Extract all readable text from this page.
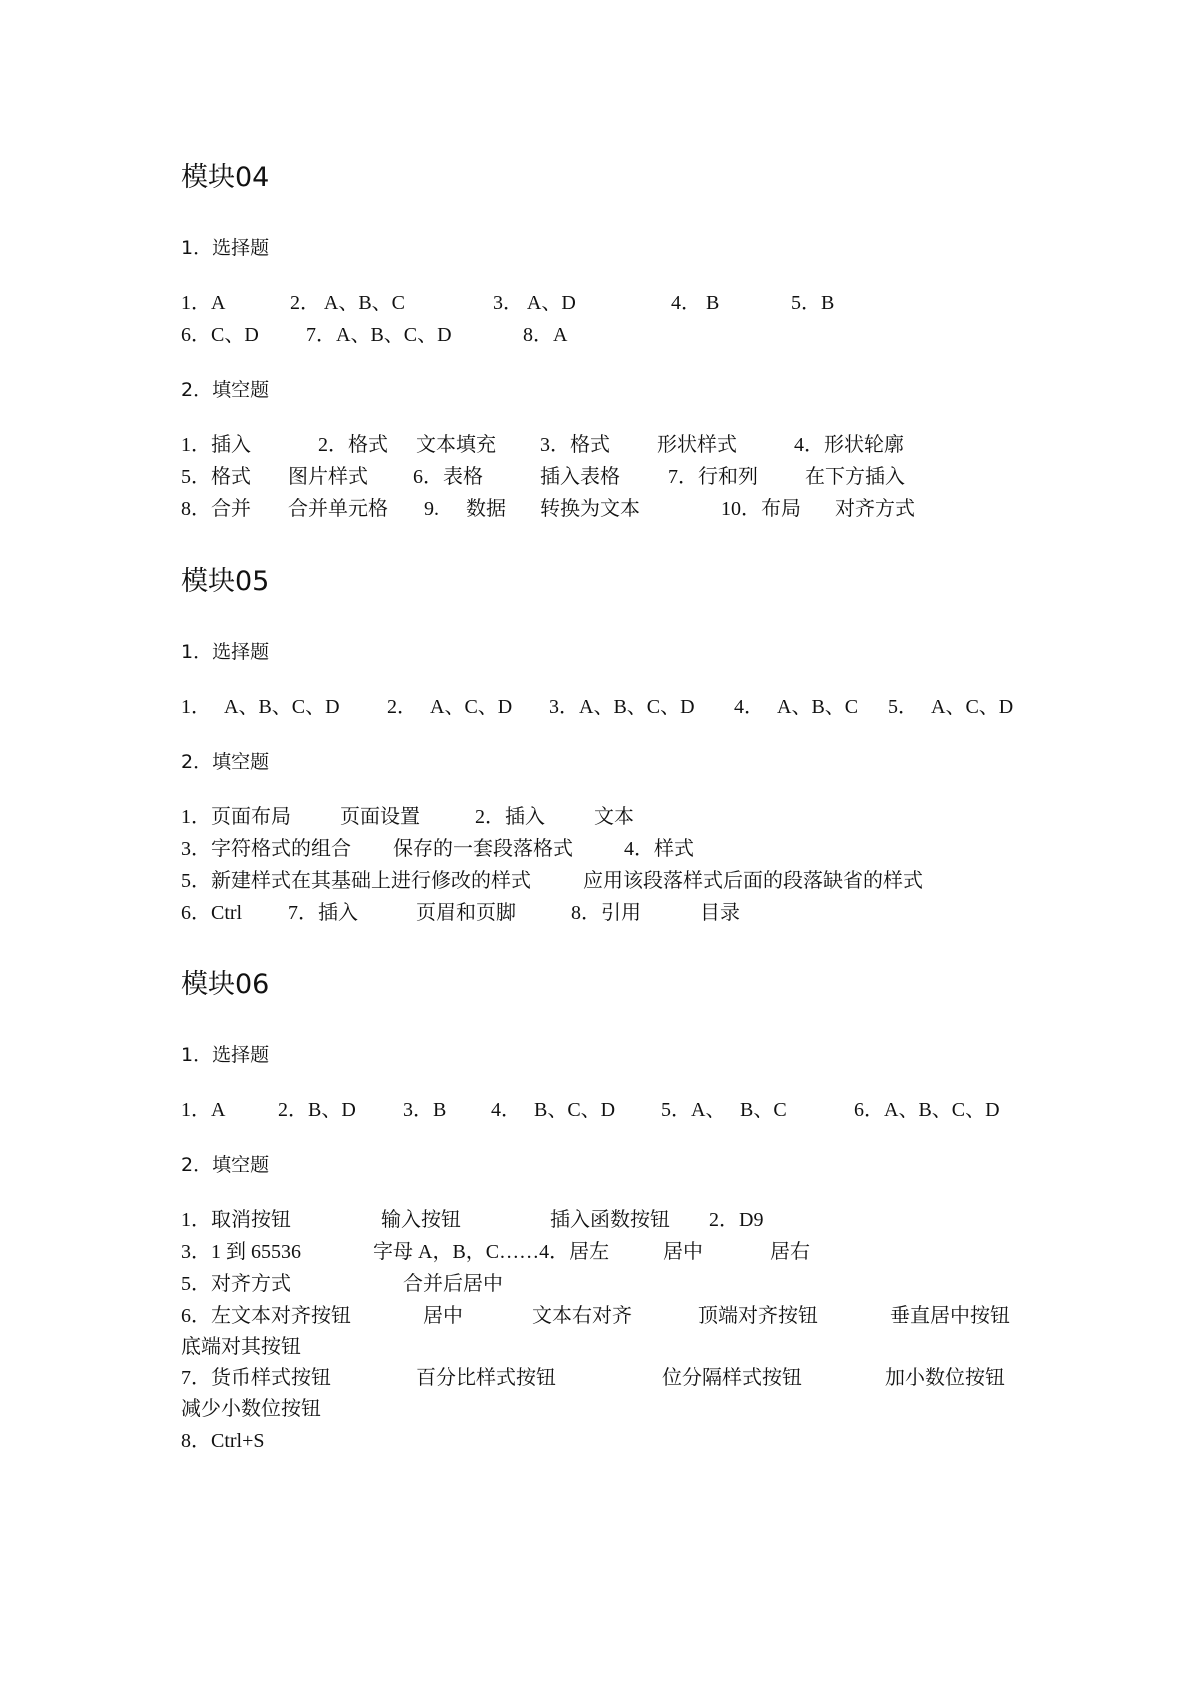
模块04
1．选择题
1．A	2． A、B、C	3． A、D	4． B	5．B
6．C、D 7．A、B、C、D	8．A
2．填空题
1．插入	2．格式 文本填充 3．格式 形状样式	4．形状轮廓
5．格式 图片样式 6．表格	插入表格 7．行和列 在下方插入
8．合并 合并单元格 9. 数据 转换为文本	10．布局 对齐方式
模块05
1．选择题
1． A、B、C、D 2． A、C、D 3．A、B、C、D 4． A、B、C 5． A、C、D
2．填空题
1．页面布局 页面设置	2．插入 文本
3．字符格式的组合 保存的一套段落格式	4．样式
5．新建样式在其基础上进行修改的样式	应用该段落样式后面的段落缺省的样式
6．Ctrl 7．插入	页眉和页脚	8．引用	目录
模块06
1．选择题
1．A	2．B、D 3．B 4． B、C、D 5．A、 B、C	6．A、B、C、D
2．填空题
1．取消按钮	输入按钮	插入函数按钮 2．D9
3．1 到 65536	字母 A，B，C……4．居左	居中	居右
5．对齐方式	合并后居中
6．左文本对齐按钮	居中	文本右对齐	顶端对齐按钮	垂直居中按钮
底端对其按钮
7．货币样式按钮	百分比样式按钮	位分隔样式按钮	加小数位按钮
减少小数位按钮
8．Ctrl+S
